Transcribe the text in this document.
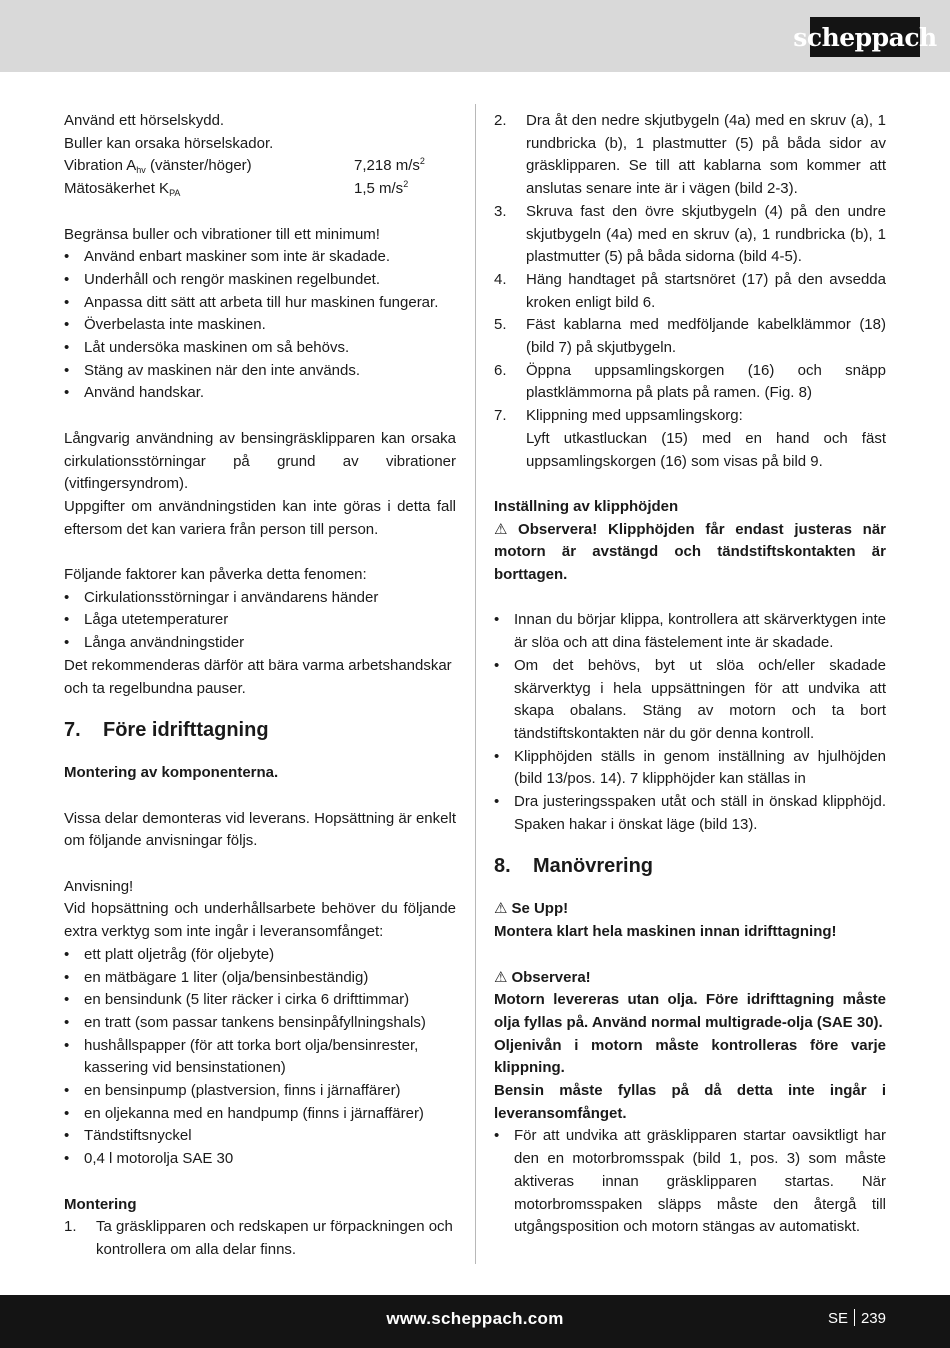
scheppach

Använd ett hörselskydd.

Buller kan orsaka hörselskador.

Vibration $A_{hv}$ (vänster/höger)	7,218 $m/s^2$
Mätosäkerhet $K_{PA}$	1,5 $m/s^2$

Begränsa buller och vibrationer till ett minimum!

• Använd enbart maskiner som inte är skadade.
• Underhåll och rengör maskinen regelbundet.
• Anpassa ditt sätt att arbeta till hur maskinen fungerar.
• Överbelasta inte maskinen.
• Låt undersöka maskinen om så behövs.
• Stäng av maskinen när den inte används.
• Använd handskar.

Långvarig användning av bensingräsklipparen kan orsaka cirkulationsstörningar på grund av vibrationer (vitfingersyndrom).

Uppgifter om användningstiden kan inte göras i detta fall eftersom det kan variera från person till person.

Följande faktorer kan påverka detta fenomen:

• Cirkulationsstörningar i användarens händer
• Låga utetemperaturer
• Långa användningstider

Det rekommenderas därför att bära varma arbetshandskar och ta regelbundna pauser.

7.	Före idrifttagning

Montering av komponenterna.

Vissa delar demonteras vid leverans. Hopsättning är enkelt om följande anvisningar följs.

Anvisning!

Vid hopsättning och underhållsarbete behöver du följande extra verktyg som inte ingår i leveransomfånget:

• ett platt oljetråg (för oljebyte)
• en mätbägare 1 liter (olja/bensinbeständig)
• en bensindunk (5 liter räcker i cirka 6 drifttimmar)
• en tratt (som passar tankens bensinpåfyllningshals)
• hushållspapper (för att torka bort olja/bensinrester, kassering vid bensinstationen)
• en bensinpump (plastversion, finns i järnaffärer)
• en oljekanna med en handpump (finns i järnaffärer)
• Tändstiftsnyckel
• 0,4 l motorolja SAE 30

Montering

1.	Ta gräsklipparen och redskapen ur förpackningen och kontrollera om alla delar finns.
2.	Dra åt den nedre skjutbygeln (4a) med en skruv (a), 1 rundbricka (b), 1 plastmutter (5) på båda sidor av gräsklipparen. Se till att kablarna som kommer att anslutas senare inte är i vägen (bild 2-3).
3.	Skruva fast den övre skjutbygeln (4) på den undre skjutbygeln (4a) med en skruv (a), 1 rundbricka (b), 1 plastmutter (5) på båda sidorna (bild 4-5).
4.	Häng handtaget på startsnöret (17) på den avsedda kroken enligt bild 6.
5.	Fäst kablarna med medföljande kabelklämmor (18) (bild 7) på skjutbygeln.
6.	Öppna uppsamlingskorgen (16) och snäpp plastklämmorna på plats på ramen. (Fig. 8)
7.	Klippning med uppsamlingskorg:
Lyft utkastluckan (15) med en hand och fäst uppsamlingskorgen (16) som visas på bild 9.

Inställning av klipphöjden

⚠ Observera! Klipphöjden får endast justeras när motorn är avstängd och tändstiftskontakten är borttagen.

• Innan du börjar klippa, kontrollera att skärverktygen inte är slöa och att dina fästelement inte är skadade.
• Om det behövs, byt ut slöa och/eller skadade skärverktyg i hela uppsättningen för att undvika att skapa obalans. Stäng av motorn och ta bort tändstiftskontakten när du gör denna kontroll.
• Klipphöjden ställs in genom inställning av hjulhöjden (bild 13/pos. 14). 7 klipphöjder kan ställas in
• Dra justeringsspaken utåt och ställ in önskad klipphöjd. Spaken hakar i önskat läge (bild 13).
8.	Manövrering

⚠ Se Upp!

Montera klart hela maskinen innan idrifttagning!

⚠ Observera!

Motorn levereras utan olja. Före idrifttagning måste olja fyllas på. Använd normal multigrade-olja (SAE 30).

Oljenivån i motorn måste kontrolleras före varje klippning.

Bensin måste fyllas på då detta inte ingår i leveransomfånget.

• För att undvika att gräsklipparen startar oavsiktligt har den en motorbromsspak (bild 1, pos. 3) som måste aktiveras innan gräsklipparen startas. När motorbromsspaken släpps måste den återgå till utgångsposition och motorn stängas av automatiskt.
www.scheppach.com	SE 239
